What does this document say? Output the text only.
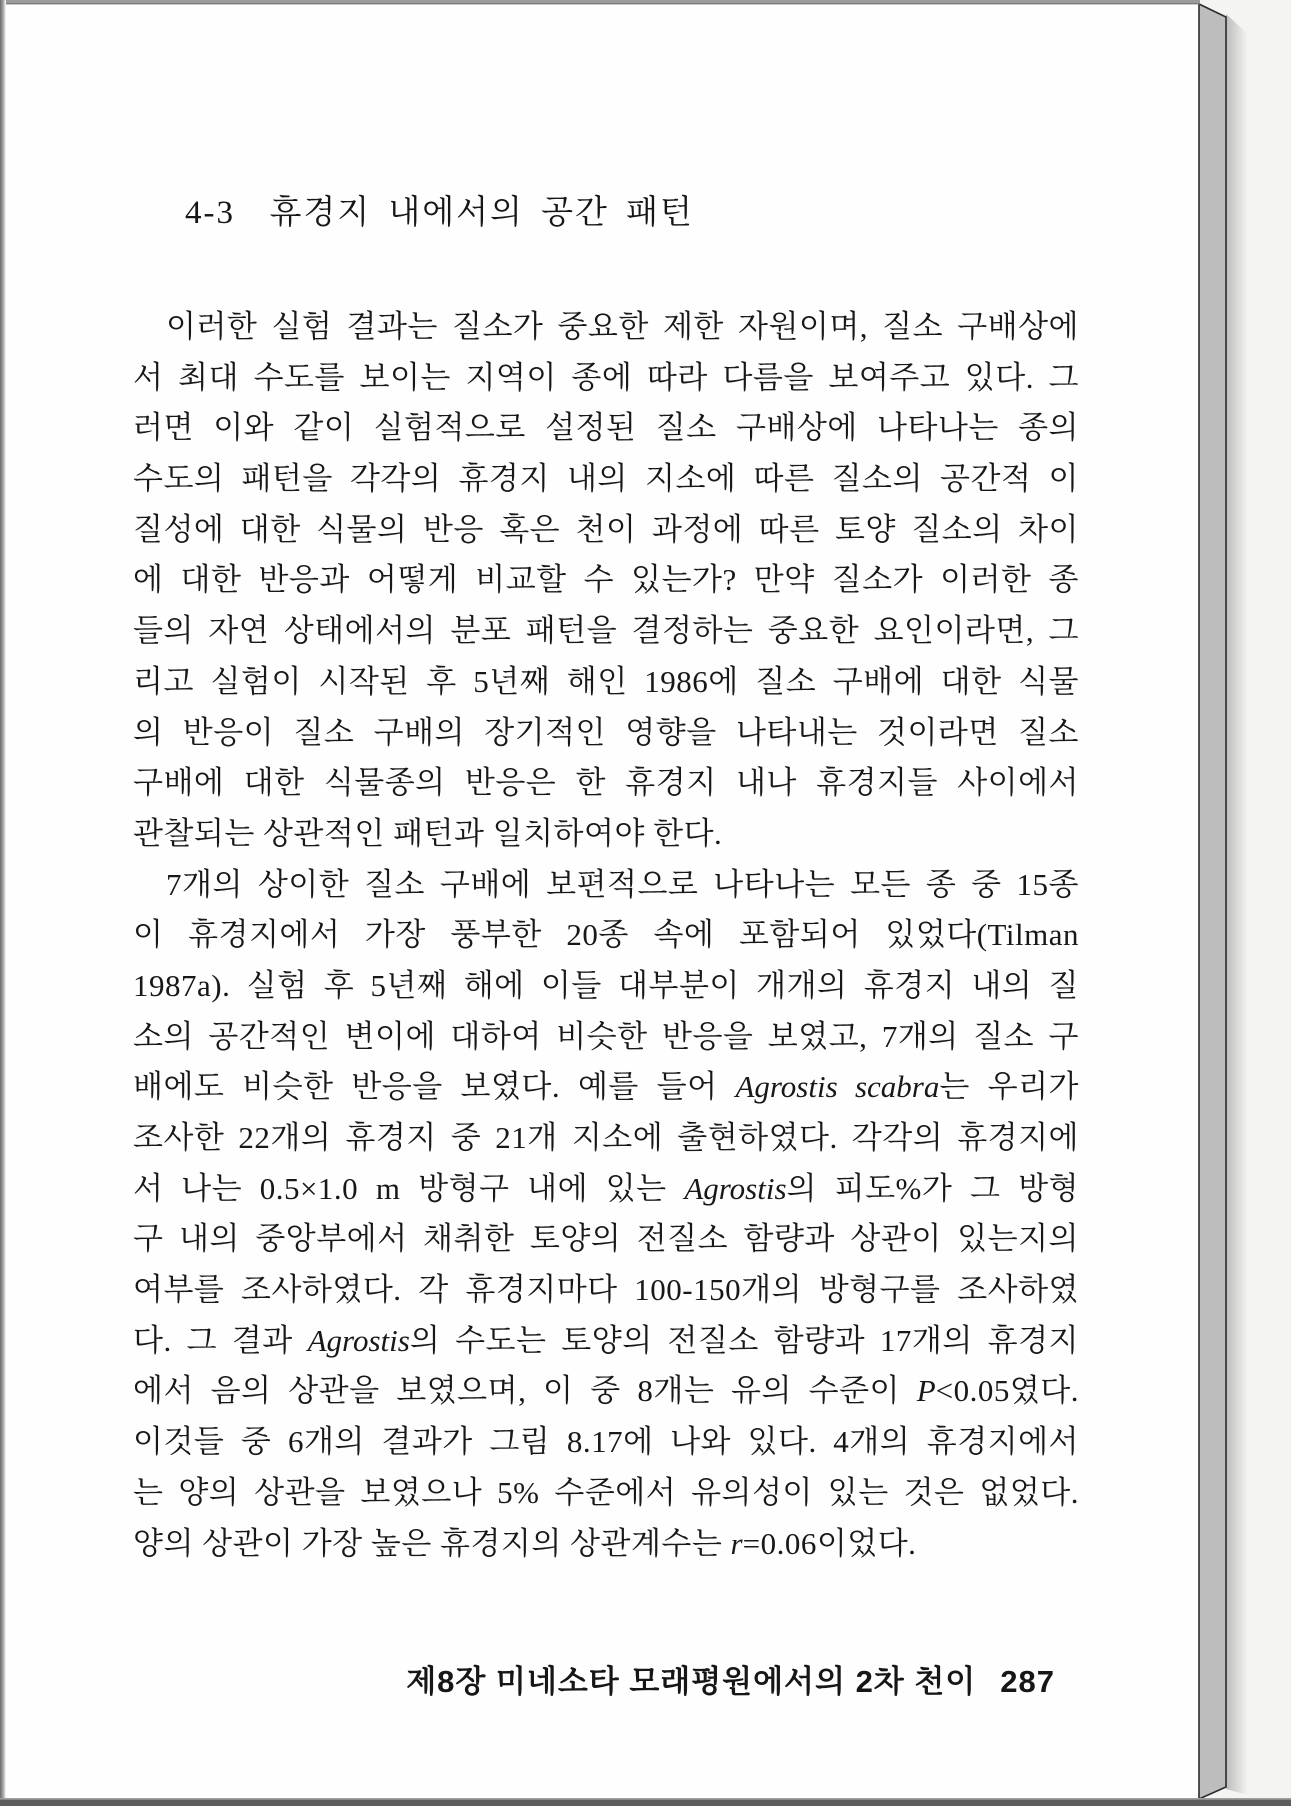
4-3  휴경지 내에서의 공간 패턴
이러한 실험 결과는 질소가 중요한 제한 자원이며, 질소 구배상에
서 최대 수도를 보이는 지역이 종에 따라 다름을 보여주고 있다. 그
러면 이와 같이 실험적으로 설정된 질소 구배상에 나타나는 종의
수도의 패턴을 각각의 휴경지 내의 지소에 따른 질소의 공간적 이
질성에 대한 식물의 반응 혹은 천이 과정에 따른 토양 질소의 차이
에 대한 반응과 어떻게 비교할 수 있는가? 만약 질소가 이러한 종
들의 자연 상태에서의 분포 패턴을 결정하는 중요한 요인이라면, 그
리고 실험이 시작된 후 5년째 해인 1986에 질소 구배에 대한 식물
의 반응이 질소 구배의 장기적인 영향을 나타내는 것이라면 질소
구배에 대한 식물종의 반응은 한 휴경지 내나 휴경지들 사이에서
관찰되는 상관적인 패턴과 일치하여야 한다.
7개의 상이한 질소 구배에 보편적으로 나타나는 모든 종 중 15종
이 휴경지에서 가장 풍부한 20종 속에 포함되어 있었다(Tilman
1987a). 실험 후 5년째 해에 이들 대부분이 개개의 휴경지 내의 질
소의 공간적인 변이에 대하여 비슷한 반응을 보였고, 7개의 질소 구
배에도 비슷한 반응을 보였다. 예를 들어 Agrostis scabra는 우리가
조사한 22개의 휴경지 중 21개 지소에 출현하였다. 각각의 휴경지에
서 나는 0.5×1.0 m 방형구 내에 있는 Agrostis의 피도%가 그 방형
구 내의 중앙부에서 채취한 토양의 전질소 함량과 상관이 있는지의
여부를 조사하였다. 각 휴경지마다 100-150개의 방형구를 조사하였
다. 그 결과 Agrostis의 수도는 토양의 전질소 함량과 17개의 휴경지
에서 음의 상관을 보였으며, 이 중 8개는 유의 수준이 P<0.05였다.
이것들 중 6개의 결과가 그림 8.17에 나와 있다. 4개의 휴경지에서
는 양의 상관을 보였으나 5% 수준에서 유의성이 있는 것은 없었다.
양의 상관이 가장 높은 휴경지의 상관계수는 r=0.06이었다.

제8장 미네소타 모래평원에서의 2차 천이 287
